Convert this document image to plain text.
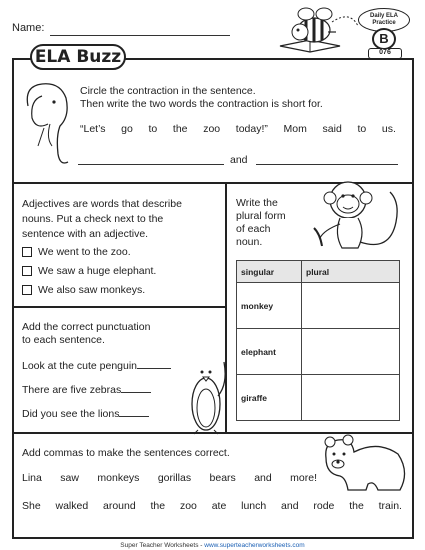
Name:
Daily ELA
Practice
B
076
ELA Buzz
Circle the contraction in the sentence.
Then write the two words the contraction is short for.
“Let’s go to the zoo today!” Mom said to us.
and
Adjectives are words that describe
nouns. Put a check next to the
sentence with an adjective.
We went to the zoo.
We saw a huge elephant.
We also saw monkeys.
Write the
plural form
of each
noun.
singular	plural
monkey	
elephant	
giraffe	
Add the correct punctuation
to each sentence.
Look at the cute penguin
There are five zebras
Did you see the lions
Add commas to make the sentences correct.
Lina saw monkeys gorillas bears and more!
She walked around the zoo ate lunch and rode the train.
Super Teacher Worksheets - www.superteacherworksheets.com
